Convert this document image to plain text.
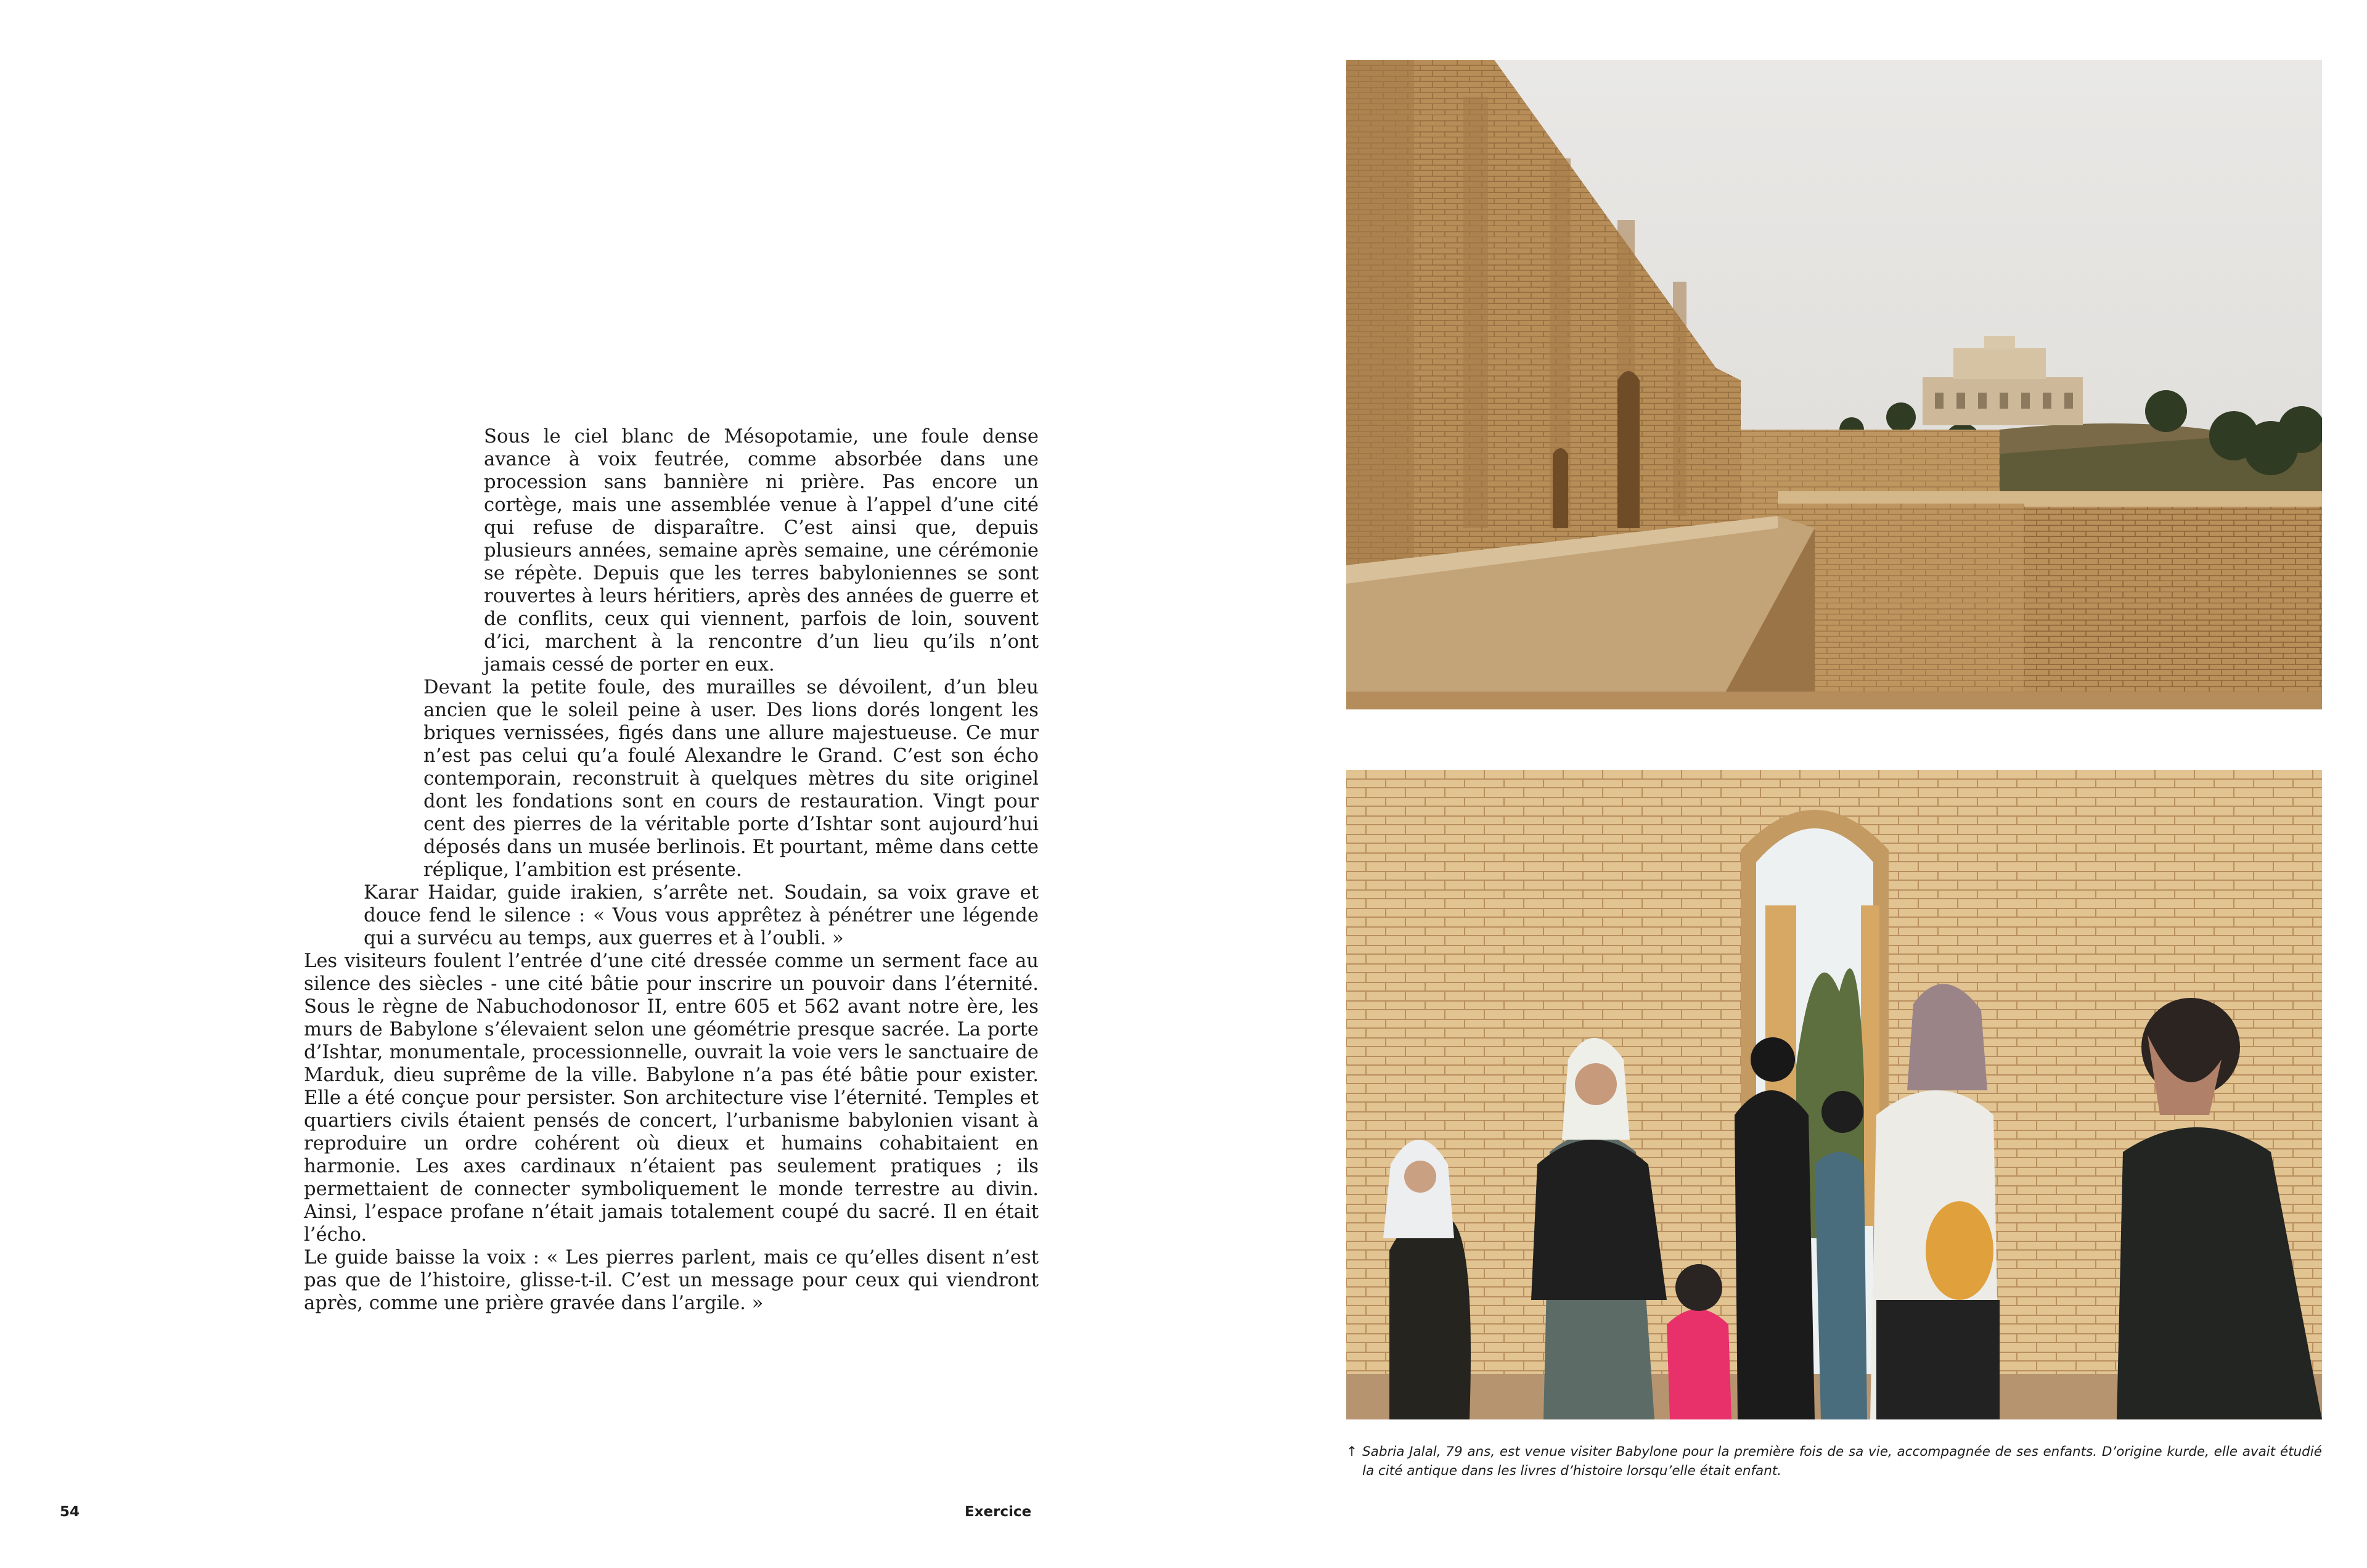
Sous le ciel blanc de Mésopotamie, une foule dense avance à voix feutrée, comme absorbée dans une procession sans bannière ni prière. Pas encore un cortège, mais une assemblée venue à l’appel d’une cité qui refuse de disparaître. C’est ainsi que, depuis plusieurs années, semaine après semaine, une cérémonie se répète. Depuis que les terres babyloniennes se sont rouvertes à leurs héritiers, après des années de guerre et de conflits, ceux qui viennent, parfois de loin, souvent d’ici, marchent à la rencontre d’un lieu qu’ils n’ont jamais cessé de porter en eux.

Devant la petite foule, des murailles se dévoilent, d’un bleu ancien que le soleil peine à user. Des lions dorés longent les briques vernissées, figés dans une allure majestueuse. Ce mur n’est pas celui qu’a foulé Alexandre le Grand. C’est son écho contemporain, reconstruit à quelques mètres du site originel dont les fondations sont en cours de restauration. Vingt pour cent des pierres de la véritable porte d’Ishtar sont aujourd’hui déposés dans un musée berlinois. Et pourtant, même dans cette réplique, l’ambition est présente.

Karar Haidar, guide irakien, s’arrête net. Soudain, sa voix grave et douce fend le silence : « Vous vous apprêtez à pénétrer une légende qui a survécu au temps, aux guerres et à l’oubli. »

Les visiteurs foulent l’entrée d’une cité dressée comme un serment face au silence des siècles - une cité bâtie pour inscrire un pouvoir dans l’éternité. Sous le règne de Nabuchodonosor II, entre 605 et 562 avant notre ère, les murs de Babylone s’élevaient selon une géométrie presque sacrée. La porte d’Ishtar, monumentale, processionnelle, ouvrait la voie vers le sanctuaire de Marduk, dieu suprême de la ville. Babylone n’a pas été bâtie pour exister. Elle a été conçue pour persister. Son architecture vise l’éternité. Temples et quartiers civils étaient pensés de concert, l’urbanisme babylonien visant à reproduire un ordre cohérent où dieux et humains cohabitaient en harmonie. Les axes cardinaux n’étaient pas seulement pratiques ; ils permettaient de connecter symboliquement le monde terrestre au divin. Ainsi, l’espace profane n’était jamais totalement coupé du sacré. Il en était l’écho.

Le guide baisse la voix : « Les pierres parlent, mais ce qu’elles disent n’est pas que de l’histoire, glisse-t-il. C’est un message pour ceux qui viendront après, comme une prière gravée dans l’argile. »

↑ Sabria Jalal, 79 ans, est venue visiter Babylone pour la première fois de sa vie, accompagnée de ses enfants. D’origine kurde, elle avait étudié la cité antique dans les livres d’histoire lorsqu’elle était enfant.
54	Exercice
